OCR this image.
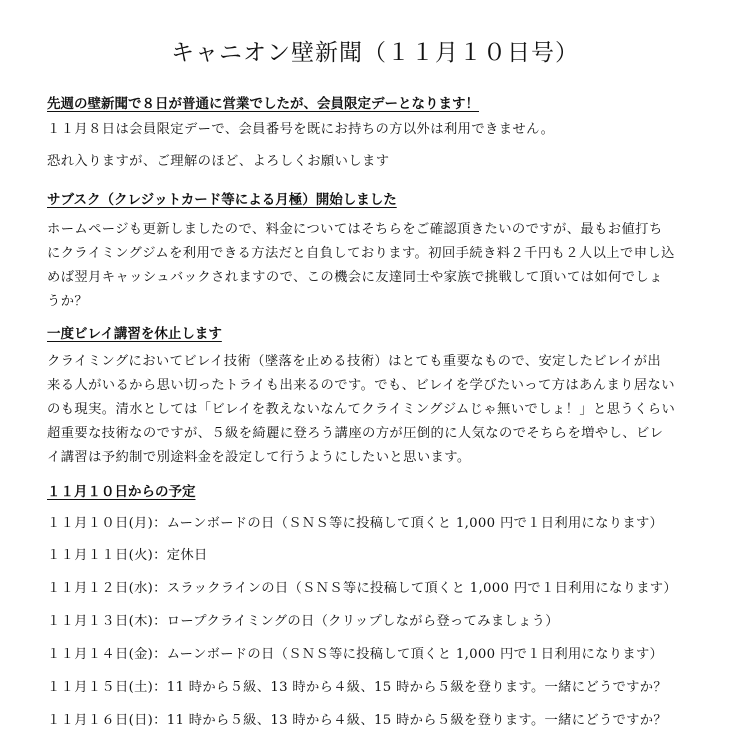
キャニオン壁新聞（１１月１０日号）
先週の壁新聞で８日が普通に営業でしたが、会員限定デーとなります！
１１月８日は会員限定デーで、会員番号を既にお持ちの方以外は利用できません。
恐れ入りますが、ご理解のほど、よろしくお願いします
サブスク（クレジットカード等による月極）開始しました
ホームページも更新しましたので、料金についてはそちらをご確認頂きたいのですが、最もお値打ち
にクライミングジムを利用できる方法だと自負しております。初回手続き料２千円も２人以上で申し込
めば翌月キャッシュバックされますので、この機会に友達同士や家族で挑戦して頂いては如何でしょ
うか？
一度ビレイ講習を休止します
クライミングにおいてビレイ技術（墜落を止める技術）はとても重要なもので、安定したビレイが出
来る人がいるから思い切ったトライも出来るのです。でも、ビレイを学びたいって方はあんまり居ない
のも現実。清水としては「ビレイを教えないなんてクライミングジムじゃ無いでしょ！」と思うくらい
超重要な技術なのですが、５級を綺麗に登ろう講座の方が圧倒的に人気なのでそちらを増やし、ビレ
イ講習は予約制で別途料金を設定して行うようにしたいと思います。
１１月１０日からの予定
１１月１０日(月)：ムーンボードの日（ＳＮＳ等に投稿して頂くと 1,000 円で１日利用になります）
１１月１１日(火)：定休日
１１月１２日(水)：スラックラインの日（ＳＮＳ等に投稿して頂くと 1,000 円で１日利用になります）
１１月１３日(木)：ロープクライミングの日（クリップしながら登ってみましょう）
１１月１４日(金)：ムーンボードの日（ＳＮＳ等に投稿して頂くと 1,000 円で１日利用になります）
１１月１５日(土)：11 時から５級、13 時から４級、15 時から５級を登ります。一緒にどうですか？
１１月１６日(日)：11 時から５級、13 時から４級、15 時から５級を登ります。一緒にどうですか？
